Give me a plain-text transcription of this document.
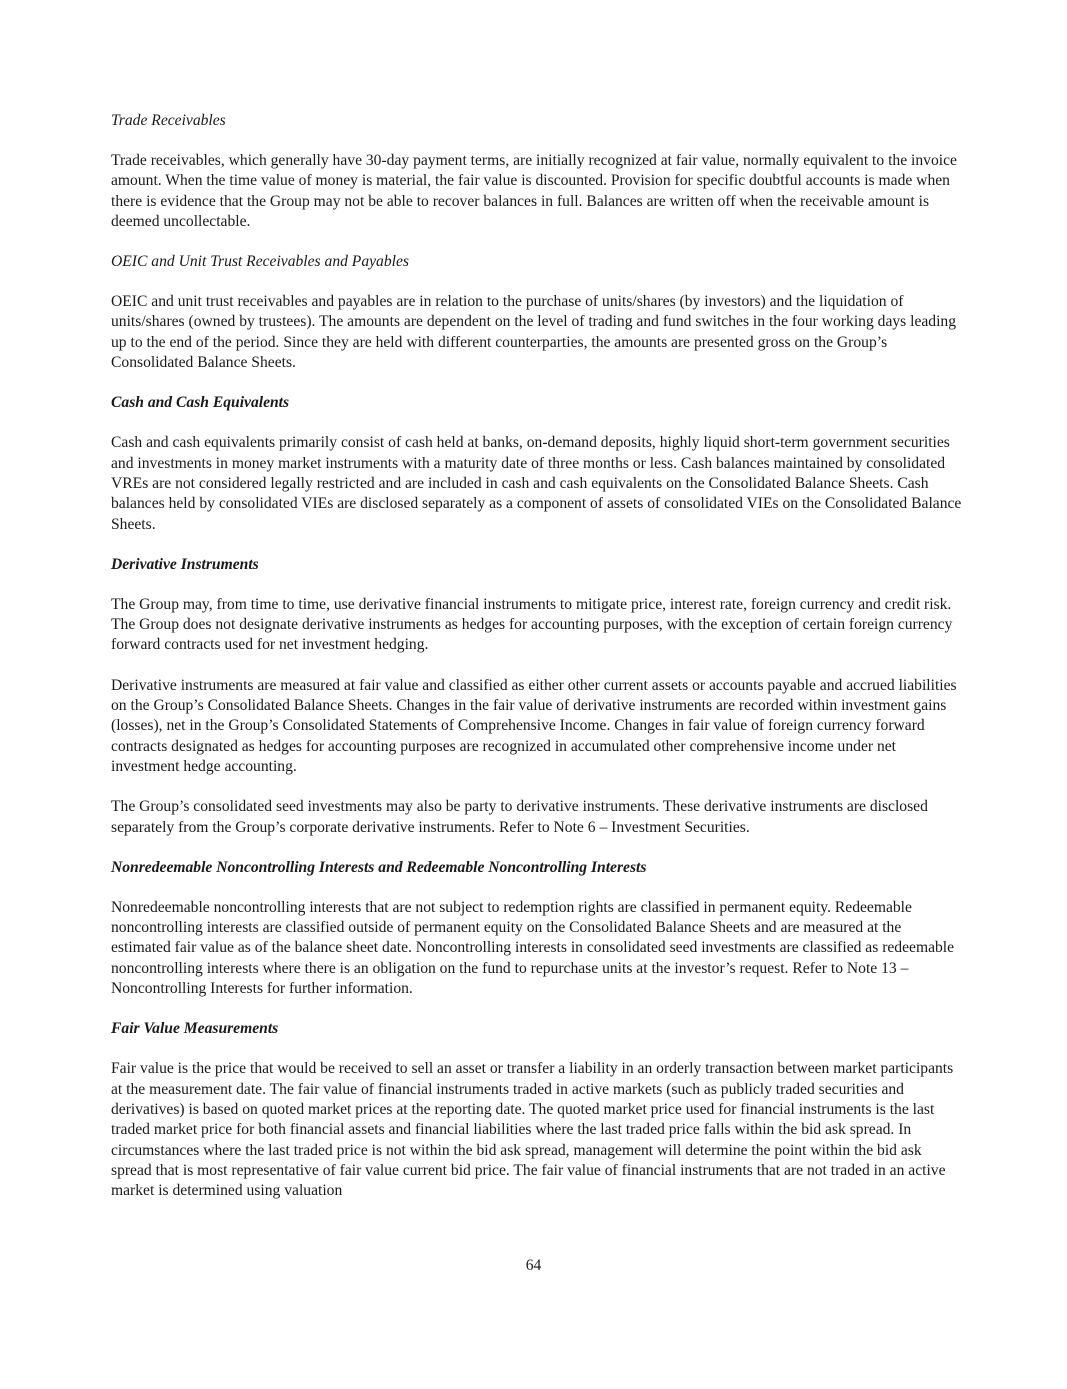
Trade Receivables

Trade receivables, which generally have 30-day payment terms, are initially recognized at fair value, normally equivalent to the invoice amount. When the time value of money is material, the fair value is discounted. Provision for specific doubtful accounts is made when there is evidence that the Group may not be able to recover balances in full. Balances are written off when the receivable amount is deemed uncollectable.

OEIC and Unit Trust Receivables and Payables

OEIC and unit trust receivables and payables are in relation to the purchase of units/shares (by investors) and the liquidation of units/shares (owned by trustees). The amounts are dependent on the level of trading and fund switches in the four working days leading up to the end of the period. Since they are held with different counterparties, the amounts are presented gross on the Group’s Consolidated Balance Sheets.

Cash and Cash Equivalents

Cash and cash equivalents primarily consist of cash held at banks, on-demand deposits, highly liquid short-term government securities and investments in money market instruments with a maturity date of three months or less. Cash balances maintained by consolidated VREs are not considered legally restricted and are included in cash and cash equivalents on the Consolidated Balance Sheets. Cash balances held by consolidated VIEs are disclosed separately as a component of assets of consolidated VIEs on the Consolidated Balance Sheets.

Derivative Instruments

The Group may, from time to time, use derivative financial instruments to mitigate price, interest rate, foreign currency and credit risk. The Group does not designate derivative instruments as hedges for accounting purposes, with the exception of certain foreign currency forward contracts used for net investment hedging.

Derivative instruments are measured at fair value and classified as either other current assets or accounts payable and accrued liabilities on the Group’s Consolidated Balance Sheets. Changes in the fair value of derivative instruments are recorded within investment gains (losses), net in the Group’s Consolidated Statements of Comprehensive Income. Changes in fair value of foreign currency forward contracts designated as hedges for accounting purposes are recognized in accumulated other comprehensive income under net investment hedge accounting.

The Group’s consolidated seed investments may also be party to derivative instruments. These derivative instruments are disclosed separately from the Group’s corporate derivative instruments. Refer to Note 6 – Investment Securities.

Nonredeemable Noncontrolling Interests and Redeemable Noncontrolling Interests

Nonredeemable noncontrolling interests that are not subject to redemption rights are classified in permanent equity. Redeemable noncontrolling interests are classified outside of permanent equity on the Consolidated Balance Sheets and are measured at the estimated fair value as of the balance sheet date. Noncontrolling interests in consolidated seed investments are classified as redeemable noncontrolling interests where there is an obligation on the fund to repurchase units at the investor’s request. Refer to Note 13 – Noncontrolling Interests for further information.

Fair Value Measurements

Fair value is the price that would be received to sell an asset or transfer a liability in an orderly transaction between market participants at the measurement date. The fair value of financial instruments traded in active markets (such as publicly traded securities and derivatives) is based on quoted market prices at the reporting date. The quoted market price used for financial instruments is the last traded market price for both financial assets and financial liabilities where the last traded price falls within the bid ask spread. In circumstances where the last traded price is not within the bid ask spread, management will determine the point within the bid ask spread that is most representative of fair value current bid price. The fair value of financial instruments that are not traded in an active market is determined using valuation

64
